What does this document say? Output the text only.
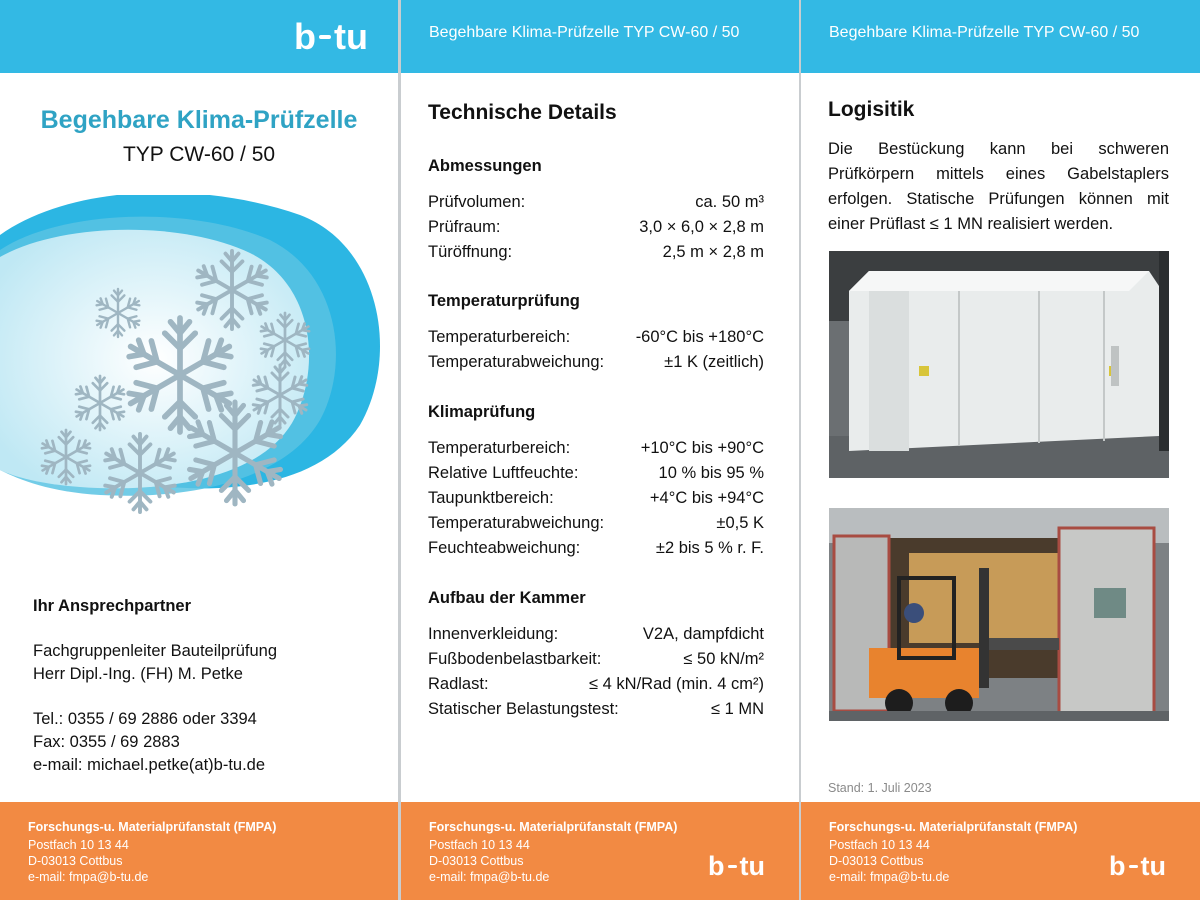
b tu
Begehbare Klima-Prüfzelle
TYP CW-60 / 50
Ihr Ansprechpartner
Fachgruppenleiter Bauteilprüfung
Herr Dipl.-Ing. (FH) M. Petke
Tel.: 0355 / 69 2886 oder 3394
Fax: 0355 / 69 2883
e-mail: michael.petke(at)b-tu.de
Forschungs-u. Materialprüfanstalt (FMPA)
Postfach 10 13 44
D-03013 Cottbus
e-mail: fmpa@b-tu.de
Begehbare Klima-Prüfzelle TYP CW-60 / 50
Technische Details
Abmessungen
Prüfvolumen:	ca. 50 m³
Prüfraum:	3,0 × 6,0 × 2,8 m
Türöffnung:	2,5 m × 2,8 m
Temperaturprüfung
Temperaturbereich:	-60°C bis +180°C
Temperaturabweichung:	±1 K (zeitlich)
Klimaprüfung
Temperaturbereich:	+10°C bis +90°C
Relative Luftfeuchte:	10 % bis 95 %
Taupunktbereich:	+4°C bis +94°C
Temperaturabweichung:	±0,5 K
Feuchteabweichung:	±2 bis 5 % r. F.
Aufbau der Kammer
Innenverkleidung:	V2A, dampfdicht
Fußbodenbelastbarkeit:	≤ 50 kN/m²
Radlast:	≤ 4 kN/Rad (min. 4 cm²)
Statischer Belastungstest:	≤ 1 MN
Forschungs-u. Materialprüfanstalt (FMPA)
Postfach 10 13 44
D-03013 Cottbus
e-mail: fmpa@b-tu.de	b tu
Begehbare Klima-Prüfzelle TYP CW-60 / 50
Logisitik
Die Bestückung kann bei schweren Prüfkörpern mittels eines Gabelstaplers erfolgen. Statische Prüfungen können mit einer Prüflast ≤ 1 MN realisiert werden.
Stand: 1. Juli 2023
Forschungs-u. Materialprüfanstalt (FMPA)
Postfach 10 13 44
D-03013 Cottbus
e-mail: fmpa@b-tu.de	b tu
